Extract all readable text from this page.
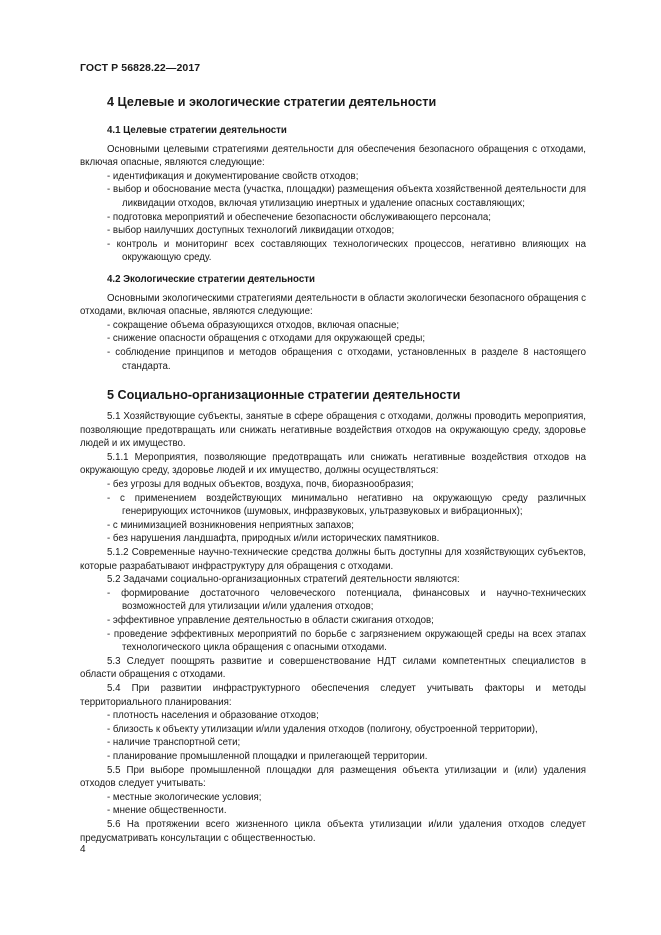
ГОСТ Р 56828.22—2017

4 Целевые и экологические стратегии деятельности

4.1 Целевые стратегии деятельности

Основными целевыми стратегиями деятельности для обеспечения безопасного обращения с отходами, включая опасные, являются следующие:

- идентификация и документирование свойств отходов;

- выбор и обоснование места (участка, площадки) размещения объекта хозяйственной деятельности для ликвидации отходов, включая утилизацию инертных и удаление опасных составляющих;

- подготовка мероприятий и обеспечение безопасности обслуживающего персонала;

- выбор наилучших доступных технологий ликвидации отходов;

- контроль и мониторинг всех составляющих технологических процессов, негативно влияющих на окружающую среду.

4.2 Экологические стратегии деятельности

Основными экологическими стратегиями деятельности в области экологически безопасного обращения с отходами, включая опасные, являются следующие:

- сокращение объема образующихся отходов, включая опасные;

- снижение опасности обращения с отходами для окружающей среды;

- соблюдение принципов и методов обращения с отходами, установленных в разделе 8 настоящего стандарта.

5 Социально-организационные стратегии деятельности

5.1 Хозяйствующие субъекты, занятые в сфере обращения с отходами, должны проводить мероприятия, позволяющие предотвращать или снижать негативные воздействия отходов на окружающую среду, здоровье людей и их имущество.

5.1.1 Мероприятия, позволяющие предотвращать или снижать негативные воздействия отходов на окружающую среду, здоровье людей и их имущество, должны осуществляться:

- без угрозы для водных объектов, воздуха, почв, биоразнообразия;

- с применением воздействующих минимально негативно на окружающую среду различных генерирующих источников (шумовых, инфразвуковых, ультразвуковых и вибрационных);

- с минимизацией возникновения неприятных запахов;

- без нарушения ландшафта, природных и/или исторических памятников.

5.1.2 Современные научно-технические средства должны быть доступны для хозяйствующих субъектов, которые разрабатывают инфраструктуру для обращения с отходами.

5.2 Задачами социально-организационных стратегий деятельности являются:

- формирование достаточного человеческого потенциала, финансовых и научно-технических возможностей для утилизации и/или удаления отходов;

- эффективное управление деятельностью в области сжигания отходов;

- проведение эффективных мероприятий по борьбе с загрязнением окружающей среды на всех этапах технологического цикла обращения с опасными отходами.

5.3 Следует поощрять развитие и совершенствование НДТ силами компетентных специалистов в области обращения с отходами.

5.4 При развитии инфраструктурного обеспечения следует учитывать факторы и методы территориального планирования:

- плотность населения и образование отходов;

- близость к объекту утилизации и/или удаления отходов (полигону, обустроенной территории),

- наличие транспортной сети;

- планирование промышленной площадки и прилегающей территории.

5.5 При выборе промышленной площадки для размещения объекта утилизации и (или) удаления отходов следует учитывать:

- местные экологические условия;

- мнение общественности.

5.6 На протяжении всего жизненного цикла объекта утилизации и/или удаления отходов следует предусматривать консультации с общественностью.

4
